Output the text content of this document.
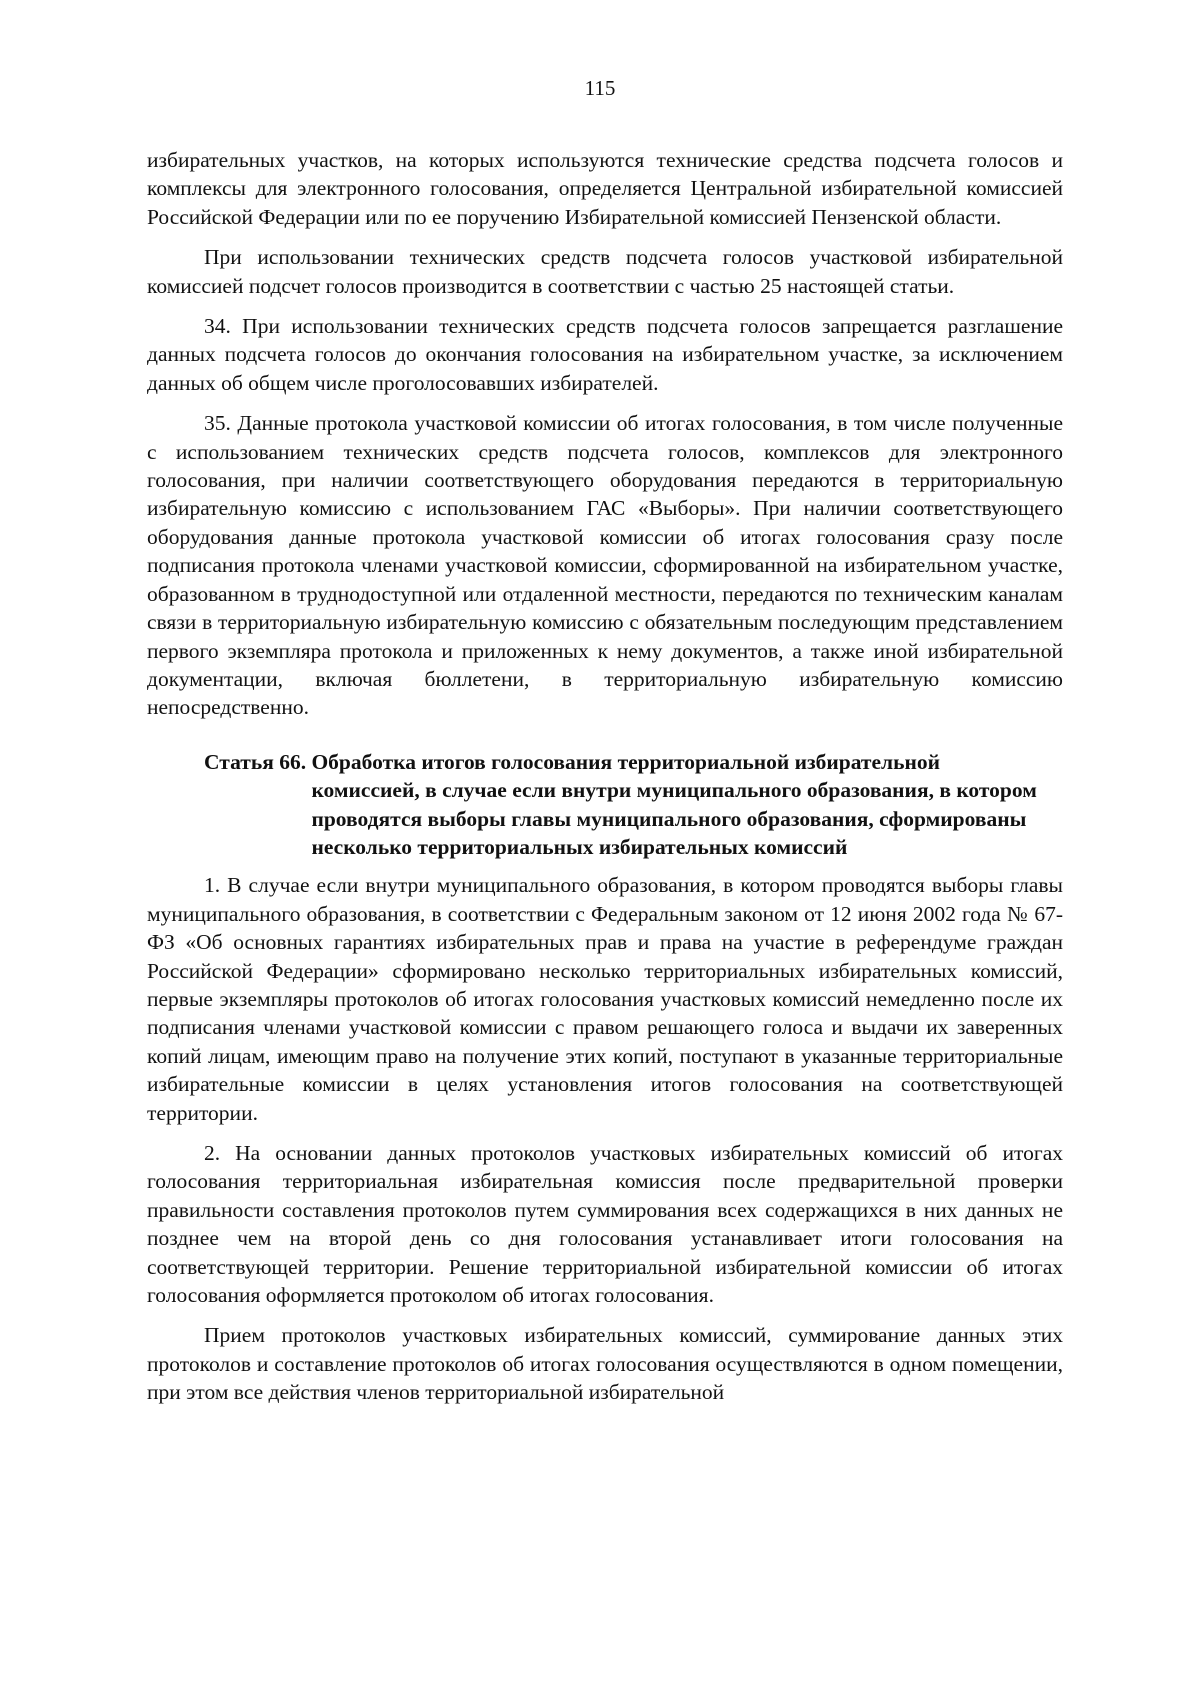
115

избирательных участков, на которых используются технические средства подсчета голосов и комплексы для электронного голосования, определяется Центральной избирательной комиссией Российской Федерации или по ее поручению Избирательной комиссией Пензенской области.

При использовании технических средств подсчета голосов участковой избирательной комиссией подсчет голосов производится в соответствии с частью 25 настоящей статьи.

34. При использовании технических средств подсчета голосов запрещается разглашение данных подсчета голосов до окончания голосования на избирательном участке, за исключением данных об общем числе проголосовавших избирателей.

35. Данные протокола участковой комиссии об итогах голосования, в том числе полученные с использованием технических средств подсчета голосов, комплексов для электронного голосования, при наличии соответствующего оборудования передаются в территориальную избирательную комиссию с использованием ГАС «Выборы». При наличии соответствующего оборудования данные протокола участковой комиссии об итогах голосования сразу после подписания протокола членами участковой комиссии, сформированной на избирательном участке, образованном в труднодоступной или отдаленной местности, передаются по техническим каналам связи в территориальную избирательную комиссию с обязательным последующим представлением первого экземпляра протокола и приложенных к нему документов, а также иной избирательной документации, включая бюллетени, в территориальную избирательную комиссию непосредственно.

Статья 66. Обработка итогов голосования территориальной избирательной комиссией, в случае если внутри муниципального образования, в котором проводятся выборы главы муниципального образования, сформированы несколько территориальных избирательных комиссий

1. В случае если внутри муниципального образования, в котором проводятся выборы главы муниципального образования, в соответствии с Федеральным законом от 12 июня 2002 года № 67-ФЗ «Об основных гарантиях избирательных прав и права на участие в референдуме граждан Российской Федерации» сформировано несколько территориальных избирательных комиссий, первые экземпляры протоколов об итогах голосования участковых комиссий немедленно после их подписания членами участковой комиссии с правом решающего голоса и выдачи их заверенных копий лицам, имеющим право на получение этих копий, поступают в указанные территориальные избирательные комиссии в целях установления итогов голосования на соответствующей территории.

2. На основании данных протоколов участковых избирательных комиссий об итогах голосования территориальная избирательная комиссия после предварительной проверки правильности составления протоколов путем суммирования всех содержащихся в них данных не позднее чем на второй день со дня голосования устанавливает итоги голосования на соответствующей территории. Решение территориальной избирательной комиссии об итогах голосования оформляется протоколом об итогах голосования.

Прием протоколов участковых избирательных комиссий, суммирование данных этих протоколов и составление протоколов об итогах голосования осуществляются в одном помещении, при этом все действия членов территориальной избирательной
